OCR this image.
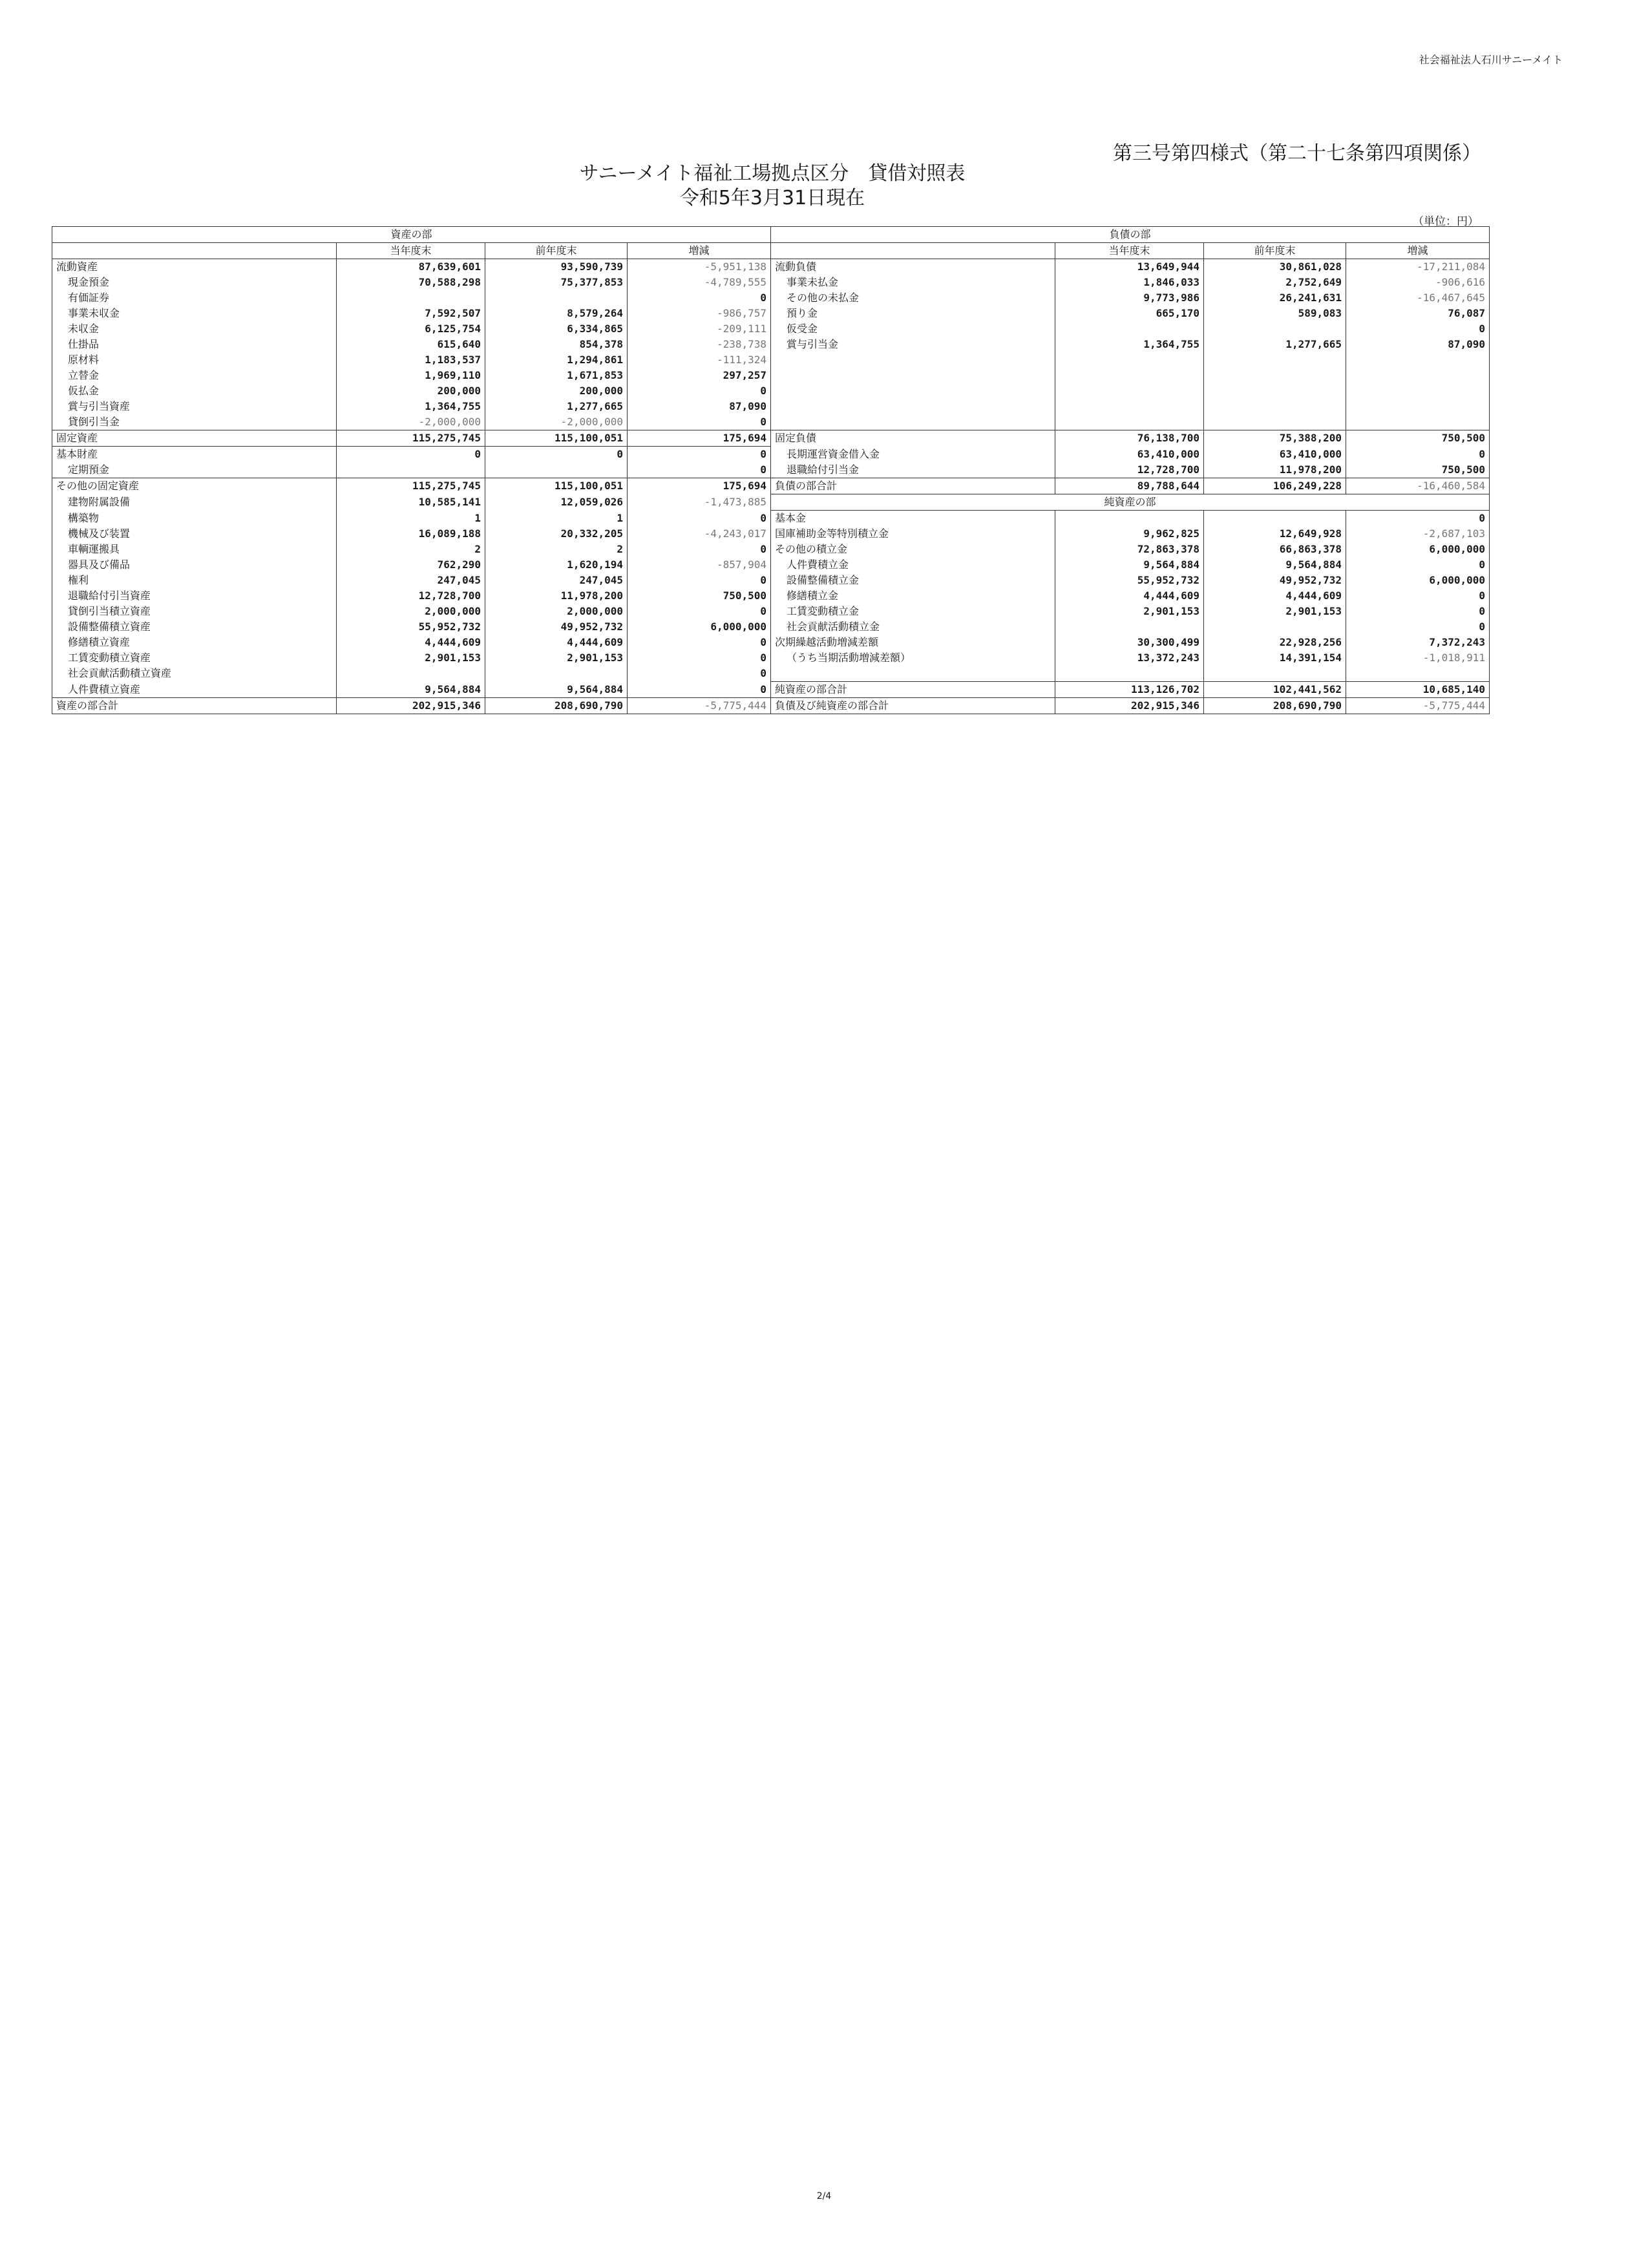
社会福祉法人石川サニーメイト
第三号第四様式（第二十七条第四項関係）
サニーメイト福祉工場拠点区分　貸借対照表
令和5年3月31日現在
（単位：円）
資産の部				負債の部			
	当年度末	前年度末	増減		当年度末	前年度末	増減
流動資産	87,639,601	93,590,739	-5,951,138	流動負債	13,649,944	30,861,028	-17,211,084
現金預金	70,588,298	75,377,853	-4,789,555	事業未払金	1,846,033	2,752,649	-906,616
有価証券			0	その他の未払金	9,773,986	26,241,631	-16,467,645
事業未収金	7,592,507	8,579,264	-986,757	預り金	665,170	589,083	76,087
未収金	6,125,754	6,334,865	-209,111	仮受金			0
仕掛品	615,640	854,378	-238,738	賞与引当金	1,364,755	1,277,665	87,090
原材料	1,183,537	1,294,861	-111,324				
立替金	1,969,110	1,671,853	297,257				
仮払金	200,000	200,000	0				
賞与引当資産	1,364,755	1,277,665	87,090				
貸倒引当金	-2,000,000	-2,000,000	0				
固定資産	115,275,745	115,100,051	175,694	固定負債	76,138,700	75,388,200	750,500
基本財産	0	0	0	長期運営資金借入金	63,410,000	63,410,000	0
定期預金			0	退職給付引当金	12,728,700	11,978,200	750,500
その他の固定資産	115,275,745	115,100,051	175,694	負債の部合計	89,788,644	106,249,228	-16,460,584
建物附属設備	10,585,141	12,059,026	-1,473,885	純資産の部			
構築物	1	1	0	基本金			0
機械及び装置	16,089,188	20,332,205	-4,243,017	国庫補助金等特別積立金	9,962,825	12,649,928	-2,687,103
車輌運搬具	2	2	0	その他の積立金	72,863,378	66,863,378	6,000,000
器具及び備品	762,290	1,620,194	-857,904	人件費積立金	9,564,884	9,564,884	0
権利	247,045	247,045	0	設備整備積立金	55,952,732	49,952,732	6,000,000
退職給付引当資産	12,728,700	11,978,200	750,500	修繕積立金	4,444,609	4,444,609	0
貸倒引当積立資産	2,000,000	2,000,000	0	工賃変動積立金	2,901,153	2,901,153	0
設備整備積立資産	55,952,732	49,952,732	6,000,000	社会貢献活動積立金			0
修繕積立資産	4,444,609	4,444,609	0	次期繰越活動増減差額	30,300,499	22,928,256	7,372,243
工賃変動積立資産	2,901,153	2,901,153	0	（うち当期活動増減差額）	13,372,243	14,391,154	-1,018,911
社会貢献活動積立資産			0				
人件費積立資産	9,564,884	9,564,884	0	純資産の部合計	113,126,702	102,441,562	10,685,140
資産の部合計	202,915,346	208,690,790	-5,775,444	負債及び純資産の部合計	202,915,346	208,690,790	-5,775,444
2/4
